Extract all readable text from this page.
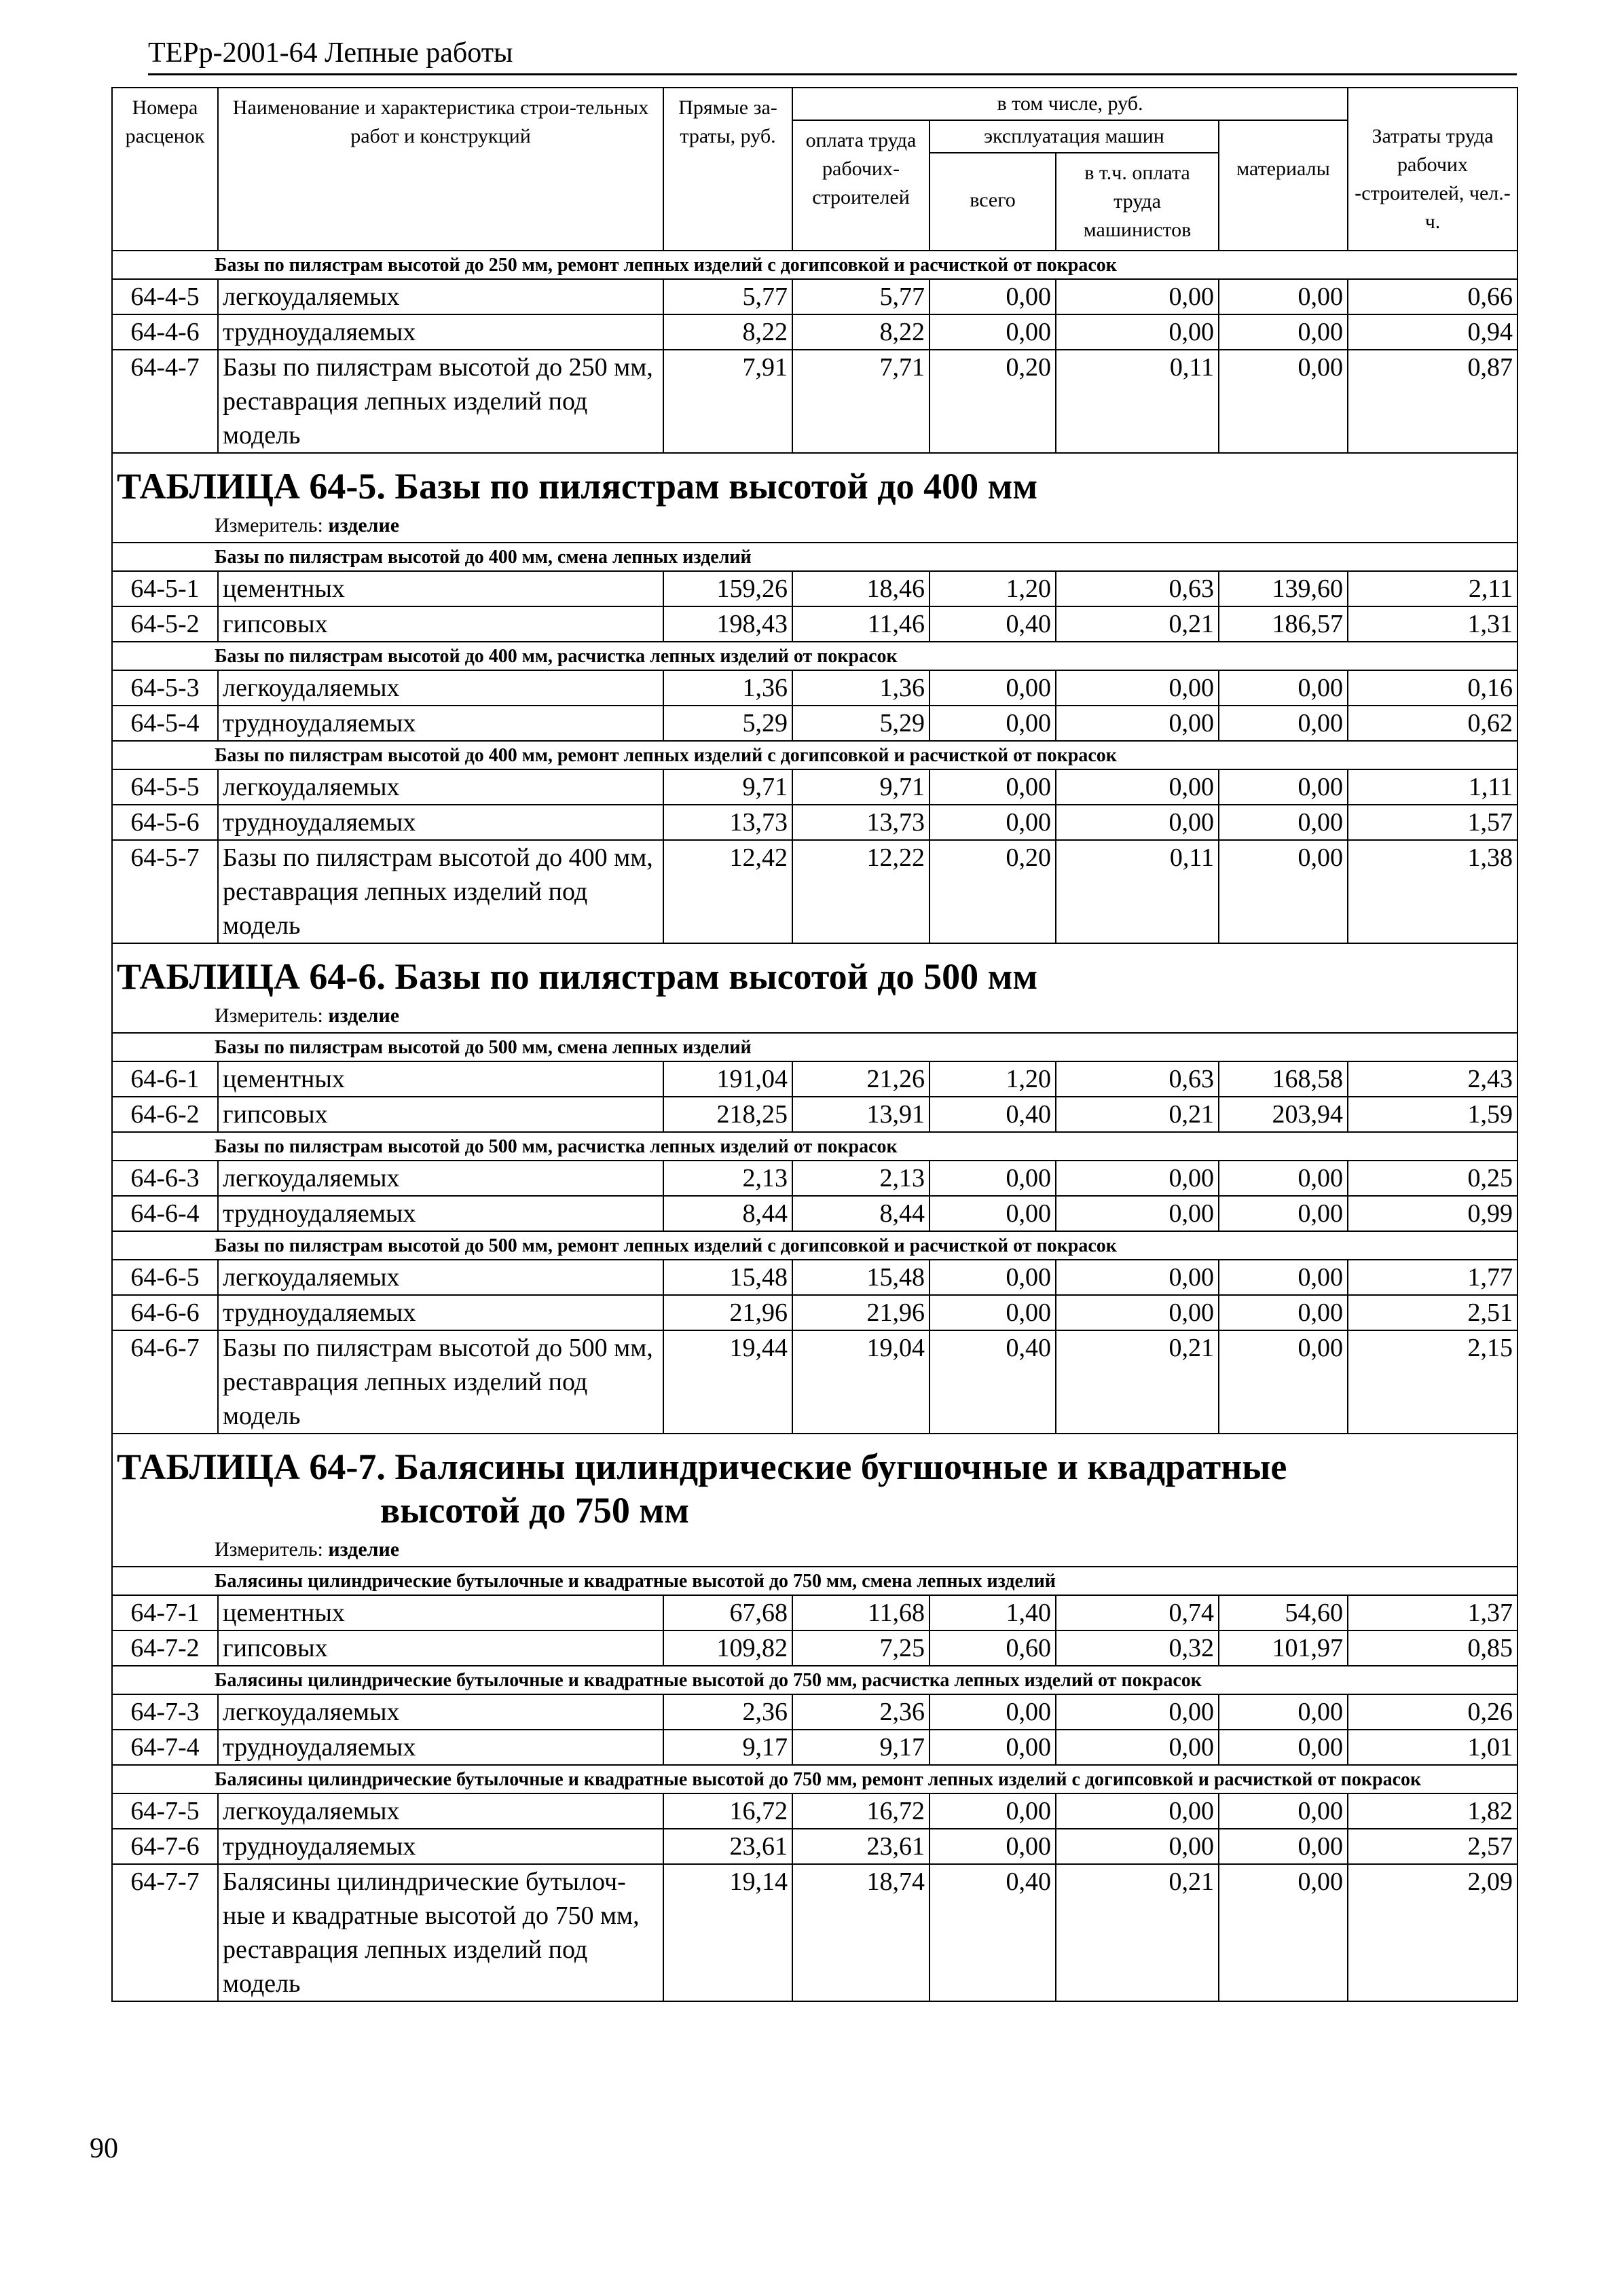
ТЕРр-2001-64 Лепные работы
Номера расценок	Наименование и характеристика строи-тельных работ и конструкций	Прямые за-траты, руб.	в том числе, руб.				Затраты труда рабочих -строителей, чел.-ч.
			оплата труда рабочих-строителей	эксплуатация машин		материалы	
				всего	в т.ч. оплата труда машинистов		
Базы по пилястрам высотой до 250 мм, ремонт лепных изделий с догипсовкой и расчисткой от покрасок							
64-4-5	легкоудаляемых	5,77	5,77	0,00	0,00	0,00	0,66
64-4-6	трудноудаляемых	8,22	8,22	0,00	0,00	0,00	0,94
64-4-7	Базы по пилястрам высотой до 250 мм, реставрация лепных изделий под модель	7,91	7,71	0,20	0,11	0,00	0,87
ТАБЛИЦА 64-5. Базы по пилястрам высотой до 400 мм							
Измеритель: изделие							
Базы по пилястрам высотой до 400 мм, смена лепных изделий							
64-5-1	цементных	159,26	18,46	1,20	0,63	139,60	2,11
64-5-2	гипсовых	198,43	11,46	0,40	0,21	186,57	1,31
Базы по пилястрам высотой до 400 мм, расчистка лепных изделий от покрасок							
64-5-3	легкоудаляемых	1,36	1,36	0,00	0,00	0,00	0,16
64-5-4	трудноудаляемых	5,29	5,29	0,00	0,00	0,00	0,62
Базы по пилястрам высотой до 400 мм, ремонт лепных изделий с догипсовкой и расчисткой от покрасок							
64-5-5	легкоудаляемых	9,71	9,71	0,00	0,00	0,00	1,11
64-5-6	трудноудаляемых	13,73	13,73	0,00	0,00	0,00	1,57
64-5-7	Базы по пилястрам высотой до 400 мм, реставрация лепных изделий под модель	12,42	12,22	0,20	0,11	0,00	1,38
ТАБЛИЦА 64-6. Базы по пилястрам высотой до 500 мм							
Измеритель: изделие							
Базы по пилястрам высотой до 500 мм, смена лепных изделий							
64-6-1	цементных	191,04	21,26	1,20	0,63	168,58	2,43
64-6-2	гипсовых	218,25	13,91	0,40	0,21	203,94	1,59
Базы по пилястрам высотой до 500 мм, расчистка лепных изделий от покрасок							
64-6-3	легкоудаляемых	2,13	2,13	0,00	0,00	0,00	0,25
64-6-4	трудноудаляемых	8,44	8,44	0,00	0,00	0,00	0,99
Базы по пилястрам высотой до 500 мм, ремонт лепных изделий с догипсовкой и расчисткой от покрасок							
64-6-5	легкоудаляемых	15,48	15,48	0,00	0,00	0,00	1,77
64-6-6	трудноудаляемых	21,96	21,96	0,00	0,00	0,00	2,51
64-6-7	Базы по пилястрам высотой до 500 мм, реставрация лепных изделий под модель	19,44	19,04	0,40	0,21	0,00	2,15
ТАБЛИЦА 64-7. Балясины цилиндрические бугшочные и квадратные
высотой до 750 мм							

Измеритель: изделие							
Балясины цилиндрические бутылочные и квадратные высотой до 750 мм, смена лепных изделий							
64-7-1	цементных	67,68	11,68	1,40	0,74	54,60	1,37
64-7-2	гипсовых	109,82	7,25	0,60	0,32	101,97	0,85
Балясины цилиндрические бутылочные и квадратные высотой до 750 мм, расчистка лепных изделий от покрасок							
64-7-3	легкоудаляемых	2,36	2,36	0,00	0,00	0,00	0,26
64-7-4	трудноудаляемых	9,17	9,17	0,00	0,00	0,00	1,01
Балясины цилиндрические бутылочные и квадратные высотой до 750 мм, ремонт лепных изделий с догипсовкой и расчисткой от покрасок							
64-7-5	легкоудаляемых	16,72	16,72	0,00	0,00	0,00	1,82
64-7-6	трудноудаляемых	23,61	23,61	0,00	0,00	0,00	2,57
64-7-7	Балясины цилиндрические бутылоч-ные и квадратные высотой до 750 мм, реставрация лепных изделий под модель	19,14	18,74	0,40	0,21	0,00	2,09
90
